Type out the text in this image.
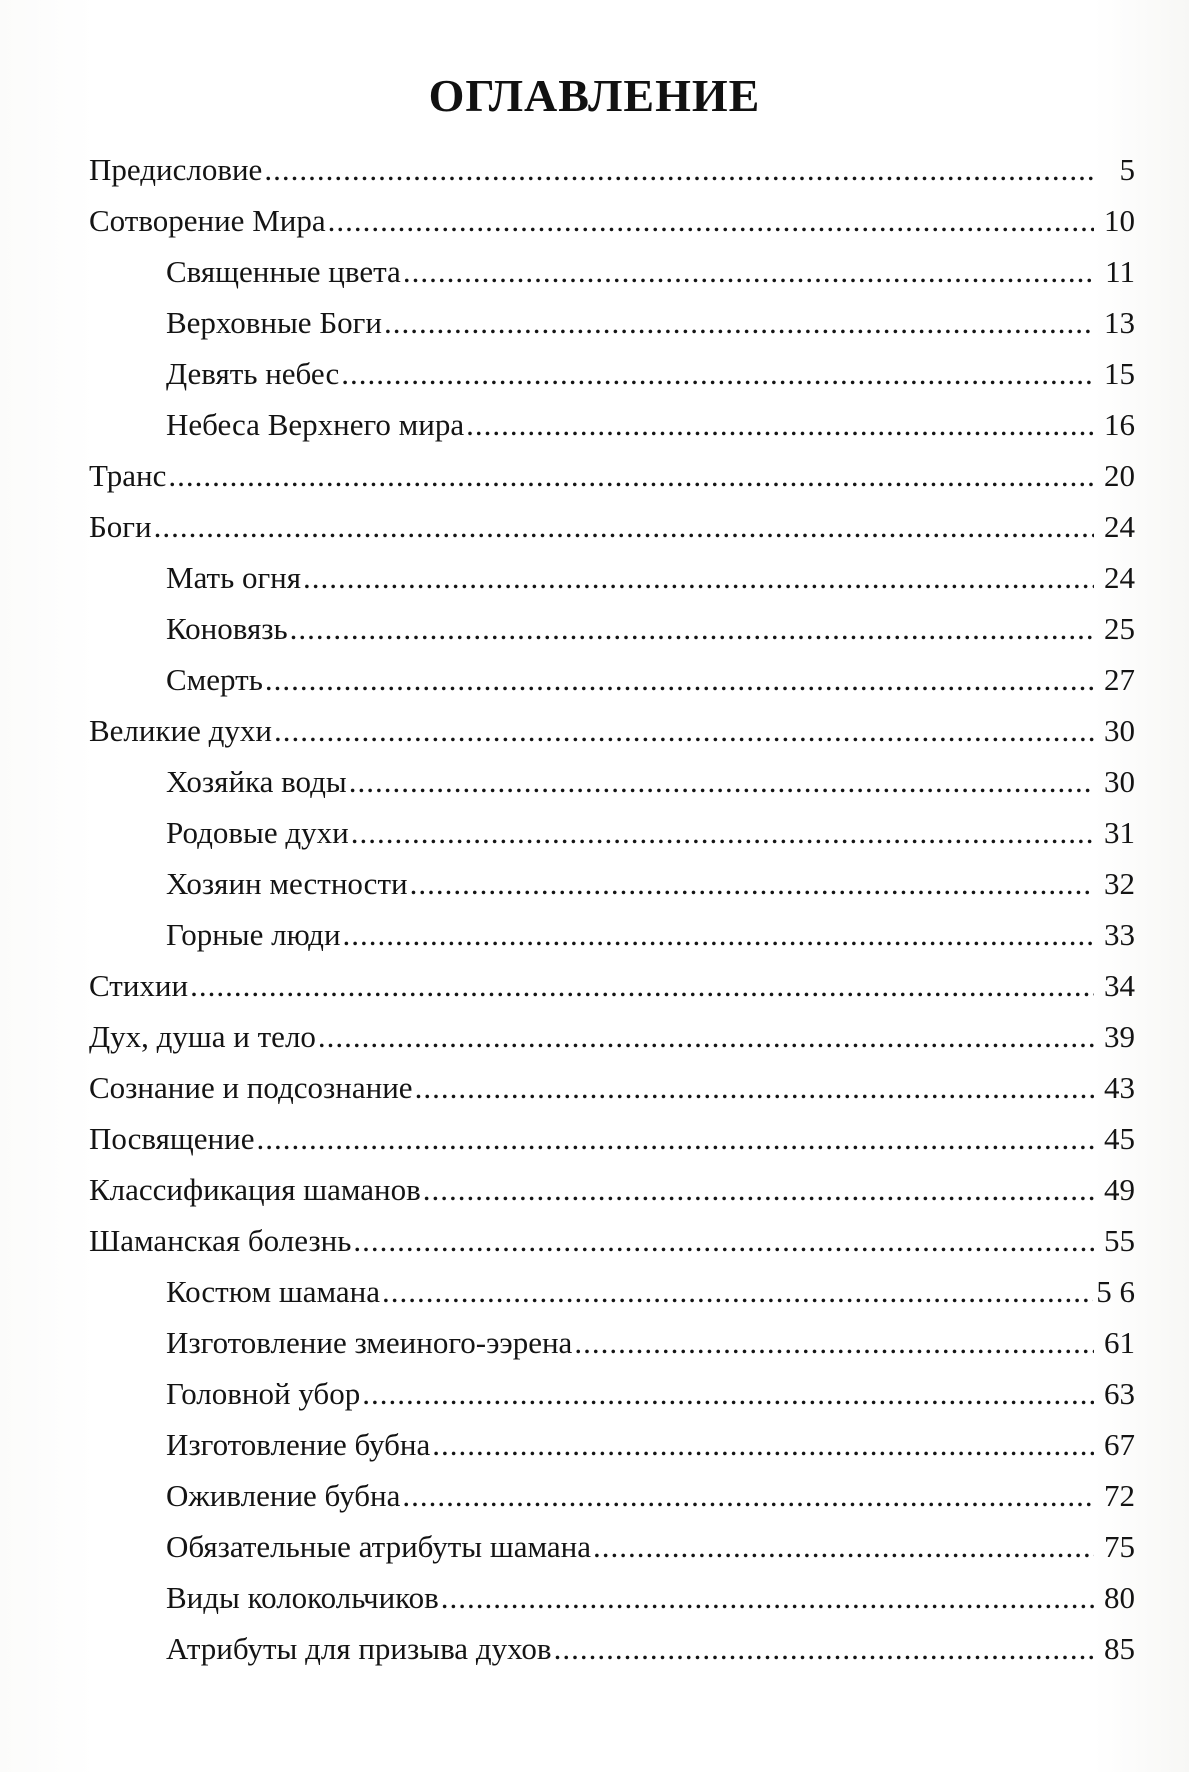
ОГЛАВЛЕНИЕ
Предисловие .....	5
Сотворение Мира .....	10
Священные цвета .....	11
Верховные Боги .....	13
Девять небес .....	15
Небеса Верхнего мира .....	16
Транс .....	20
Боги .....	24
Мать огня .....	24
Коновязь .....	25
Смерть .....	27
Великие духи .....	30
Хозяйка воды .....	30
Родовые духи .....	31
Хозяин местности .....	32
Горные люди .....	33
Стихии .....	34
Дух, душа и тело .....	39
Сознание и подсознание .....	43
Посвящение .....	45
Классификация шаманов .....	49
Шаманская болезнь .....	55
Костюм шамана .....	5 6
Изготовление змеиного-ээрена .....	61
Головной убор .....	63
Изготовление бубна .....	67
Оживление бубна .....	72
Обязательные атрибуты шамана .....	75
Виды колокольчиков .....	80
Атрибуты для призыва духов .....	85
